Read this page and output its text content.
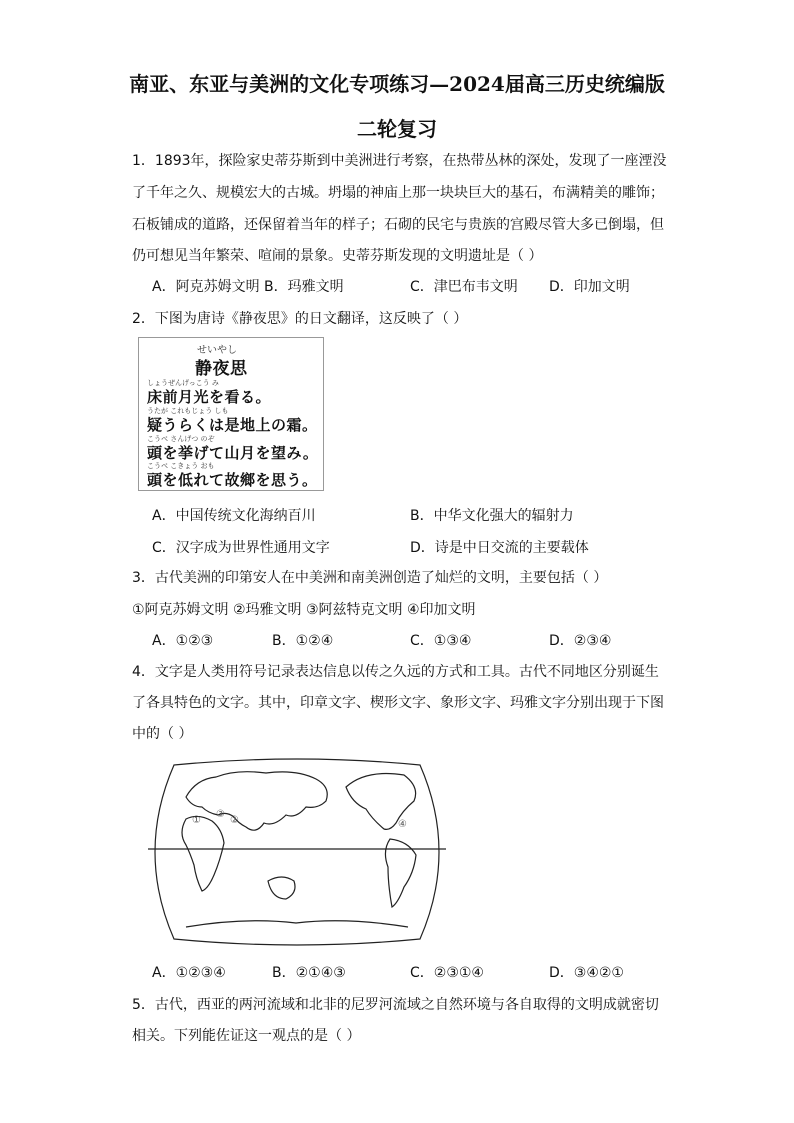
南亚、东亚与美洲的文化专项练习—2024届高三历史统编版
二轮复习
1．1893年，探险家史蒂芬斯到中美洲进行考察，在热带丛林的深处，发现了一座湮没
了千年之久、规模宏大的古城。坍塌的神庙上那一块块巨大的基石，布满精美的雕饰；
石板铺成的道路，还保留着当年的样子；石砌的民宅与贵族的宫殿尽管大多已倒塌，但
仍可想见当年繁荣、喧闹的景象。史蒂芬斯发现的文明遗址是（ ）
A．阿克苏姆文明 B．玛雅文明	C．津巴布韦文明 D．印加文明
2．下图为唐诗《静夜思》的日文翻译，这反映了（ ）
せいやし
静夜思
しょうぜんげっこう み
床前月光を看る。
うたが これもじょう しも
疑うらくは是地上の霜。
こうべ さんげつ のぞ
頭を挙げて山月を望み。
こうべ こきょう おも
頭を低れて故鄉を思う。
A．中国传统文化海纳百川	B．中华文化强大的辐射力
C．汉字成为世界性通用文字	D．诗是中日交流的主要载体
3．古代美洲的印第安人在中美洲和南美洲创造了灿烂的文明，主要包括（ ）
①阿克苏姆文明 ②玛雅文明 ③阿兹特克文明 ④印加文明
A．①②③	B．①②④	C．①③④	D．②③④
4．文字是人类用符号记录表达信息以传之久远的方式和工具。古代不同地区分别诞生
了各具特色的文字。其中，印章文字、楔形文字、象形文字、玛雅文字分别出现于下图
中的（ ）
①
③
②	④
A．①②③④	B．②①④③	C．②③①④	D．③④②①
5．古代，西亚的两河流域和北非的尼罗河流域之自然环境与各自取得的文明成就密切
相关。下列能佐证这一观点的是（ ）
